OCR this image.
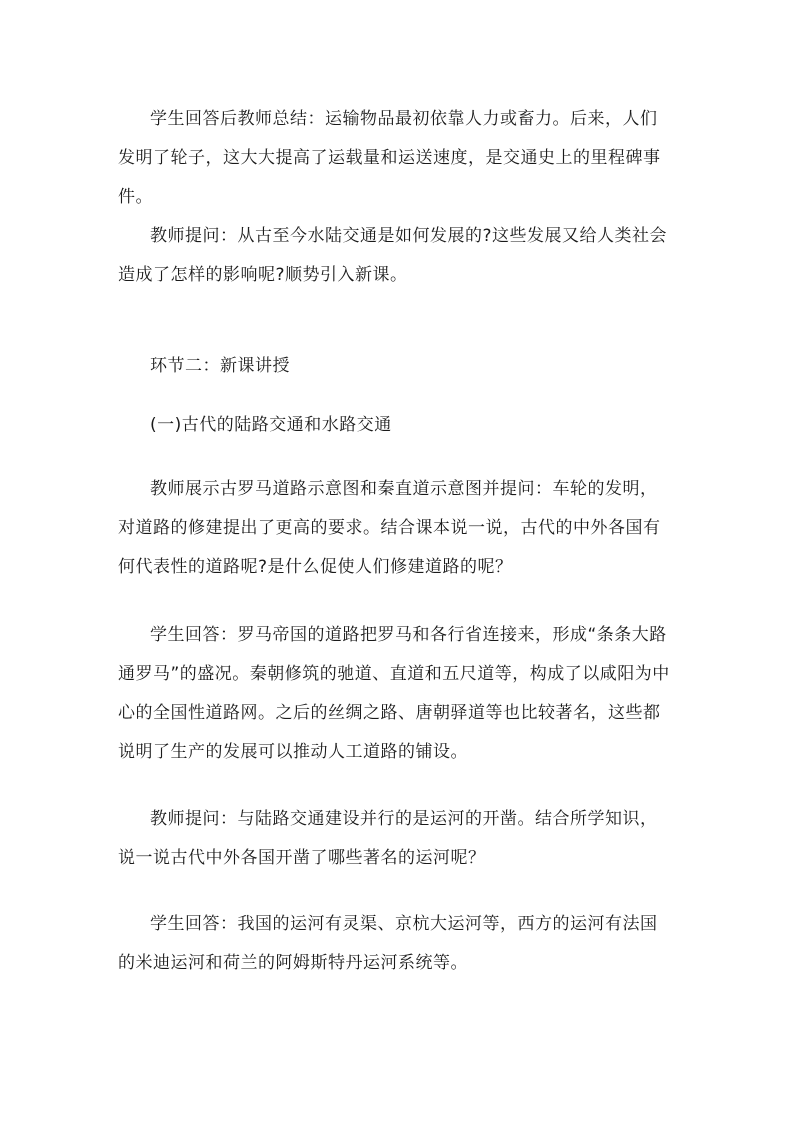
学生回答后教师总结：运输物品最初依靠人力或畜力。后来，人们发明了轮子，这大大提高了运载量和运送速度，是交通史上的里程碑事件。

教师提问：从古至今水陆交通是如何发展的?这些发展又给人类社会造成了怎样的影响呢?顺势引入新课。

环节二：新课讲授

(一)古代的陆路交通和水路交通

教师展示古罗马道路示意图和秦直道示意图并提问：车轮的发明，对道路的修建提出了更高的要求。结合课本说一说，古代的中外各国有何代表性的道路呢?是什么促使人们修建道路的呢？

学生回答：罗马帝国的道路把罗马和各行省连接来，形成“条条大路通罗马”的盛况。秦朝修筑的驰道、直道和五尺道等，构成了以咸阳为中心的全国性道路网。之后的丝绸之路、唐朝驿道等也比较著名，这些都说明了生产的发展可以推动人工道路的铺设。

教师提问：与陆路交通建设并行的是运河的开凿。结合所学知识，说一说古代中外各国开凿了哪些著名的运河呢？

学生回答：我国的运河有灵渠、京杭大运河等，西方的运河有法国的米迪运河和荷兰的阿姆斯特丹运河系统等。
